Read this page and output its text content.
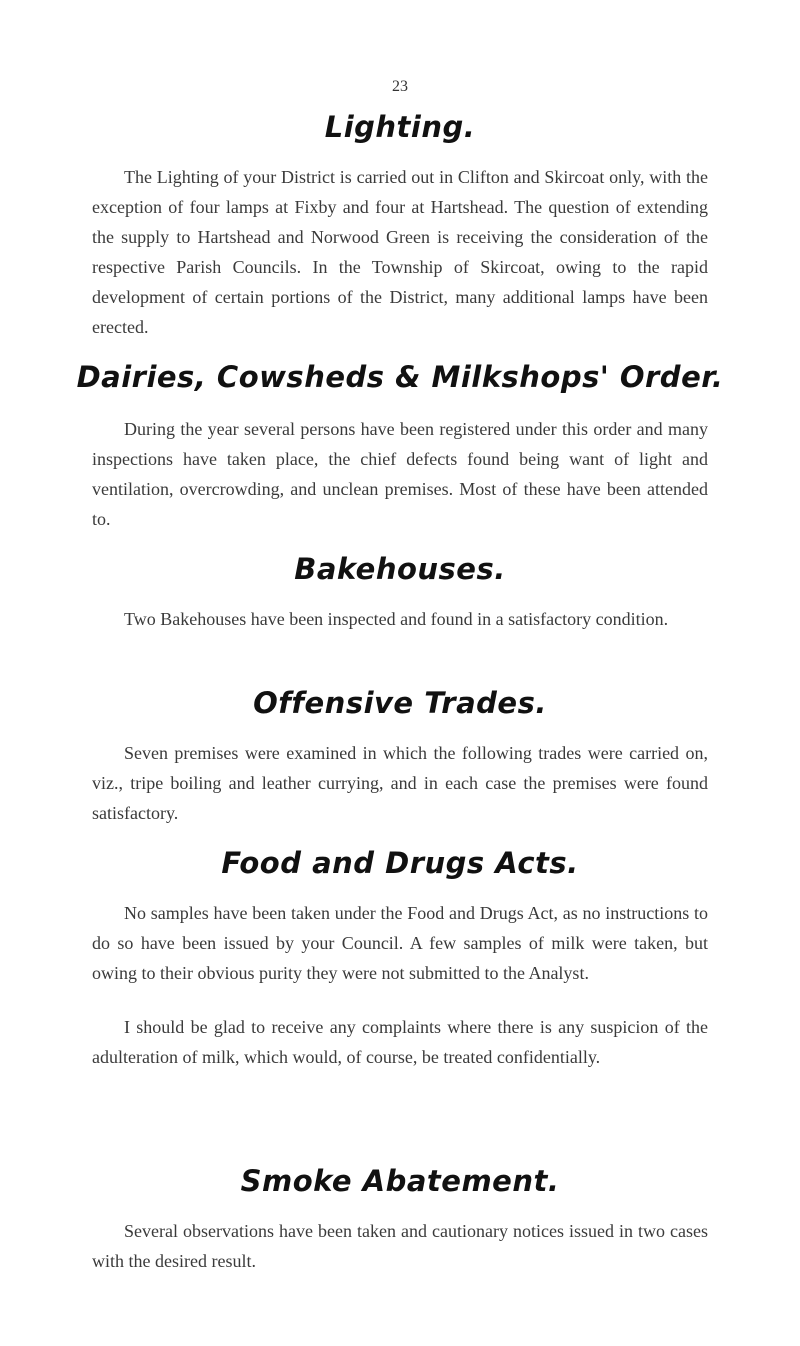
23
Lighting.
The Lighting of your District is carried out in Clifton and Skircoat only, with the exception of four lamps at Fixby and four at Hartshead. The question of extending the supply to Hartshead and Norwood Green is receiving the consideration of the respective Parish Councils. In the Township of Skircoat, owing to the rapid development of certain portions of the District, many additional lamps have been erected.
Dairies, Cowsheds & Milkshops' Order.
During the year several persons have been registered under this order and many inspections have taken place, the chief defects found being want of light and ventilation, overcrowding, and unclean premises. Most of these have been attended to.
Bakehouses.
Two Bakehouses have been inspected and found in a satisfactory condition.
Offensive Trades.
Seven premises were examined in which the following trades were carried on, viz., tripe boiling and leather currying, and in each case the premises were found satisfactory.
Food and Drugs Acts.
No samples have been taken under the Food and Drugs Act, as no instructions to do so have been issued by your Council. A few samples of milk were taken, but owing to their obvious purity they were not submitted to the Analyst.
I should be glad to receive any complaints where there is any suspicion of the adulteration of milk, which would, of course, be treated confidentially.
Smoke Abatement.
Several observations have been taken and cautionary notices issued in two cases with the desired result.
